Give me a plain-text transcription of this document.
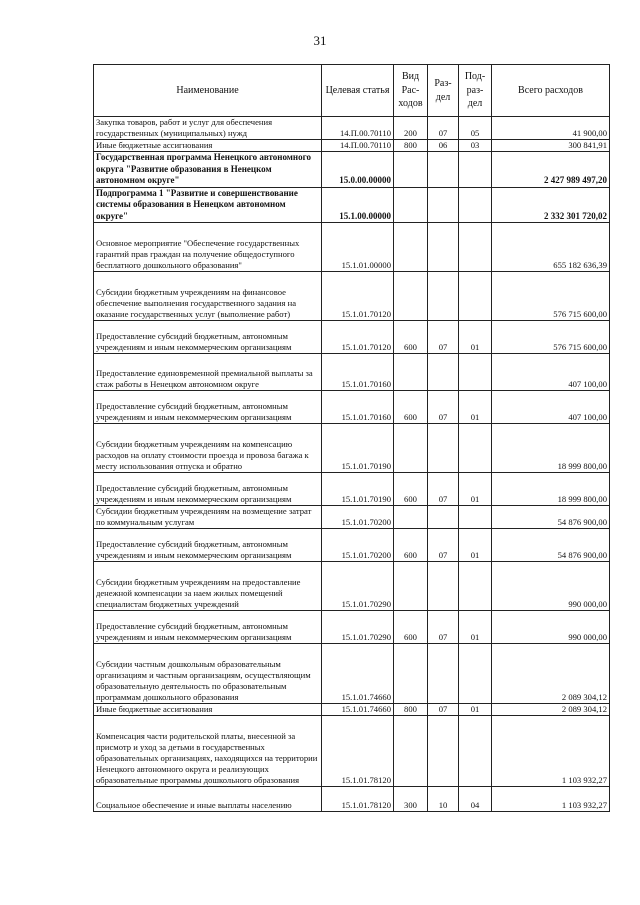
31
Наименование	Целевая статья	Вид Рас- ходов	Раз- дел	Под- раз- дел	Всего расходов
Закупка товаров, работ и услуг для обеспечения государственных (муниципальных) нужд	14.П.00.70110	200	07	05	41 900,00
Иные бюджетные ассигнования	14.П.00.70110	800	06	03	300 841,91
Государственная программа Ненецкого автономного округа "Развитие образования в Ненецком автономном округе"	15.0.00.00000				2 427 989 497,20
Подпрограмма 1 "Развитие и совершенствование системы образования в Ненецком автономном округе"	15.1.00.00000				2 332 301 720,02
Основное мероприятие "Обеспечение государственных гарантий прав граждан на получение общедоступного бесплатного дошкольного образования"	15.1.01.00000				655 182 636,39
Субсидии бюджетным учреждениям на финансовое обеспечение выполнения государственного задания на оказание государственных услуг (выполнение работ)	15.1.01.70120				576 715 600,00
Предоставление субсидий бюджетным, автономным учреждениям и иным некоммерческим организациям	15.1.01.70120	600	07	01	576 715 600,00
Предоставление единовременной премиальной выплаты за стаж работы в Ненецком автономном округе	15.1.01.70160				407 100,00
Предоставление субсидий бюджетным, автономным учреждениям и иным некоммерческим организациям	15.1.01.70160	600	07	01	407 100,00
Субсидии бюджетным учреждениям на компенсацию расходов на оплату стоимости проезда и провоза багажа к месту использования отпуска и обратно	15.1.01.70190				18 999 800,00
Предоставление субсидий бюджетным, автономным учреждениям и иным некоммерческим организациям	15.1.01.70190	600	07	01	18 999 800,00
Субсидии бюджетным учреждениям на возмещение затрат по коммунальным услугам	15.1.01.70200				54 876 900,00
Предоставление субсидий бюджетным, автономным учреждениям и иным некоммерческим организациям	15.1.01.70200	600	07	01	54 876 900,00
Субсидии бюджетным учреждениям на предоставление денежной компенсации за наем жилых помещений специалистам бюджетных учреждений	15.1.01.70290				990 000,00
Предоставление субсидий бюджетным, автономным учреждениям и иным некоммерческим организациям	15.1.01.70290	600	07	01	990 000,00
Субсидии частным дошкольным образовательным организациям и частным организациям, осуществляющим образовательную деятельность по образовательным программам дошкольного образования	15.1.01.74660				2 089 304,12
Иные бюджетные ассигнования	15.1.01.74660	800	07	01	2 089 304,12
Компенсация части родительской платы, внесенной за присмотр и уход за детьми в государственных образовательных организациях, находящихся на территории Ненецкого автономного округа и реализующих образовательные программы дошкольного образования	15.1.01.78120				1 103 932,27
Социальное обеспечение и иные выплаты населению	15.1.01.78120	300	10	04	1 103 932,27
